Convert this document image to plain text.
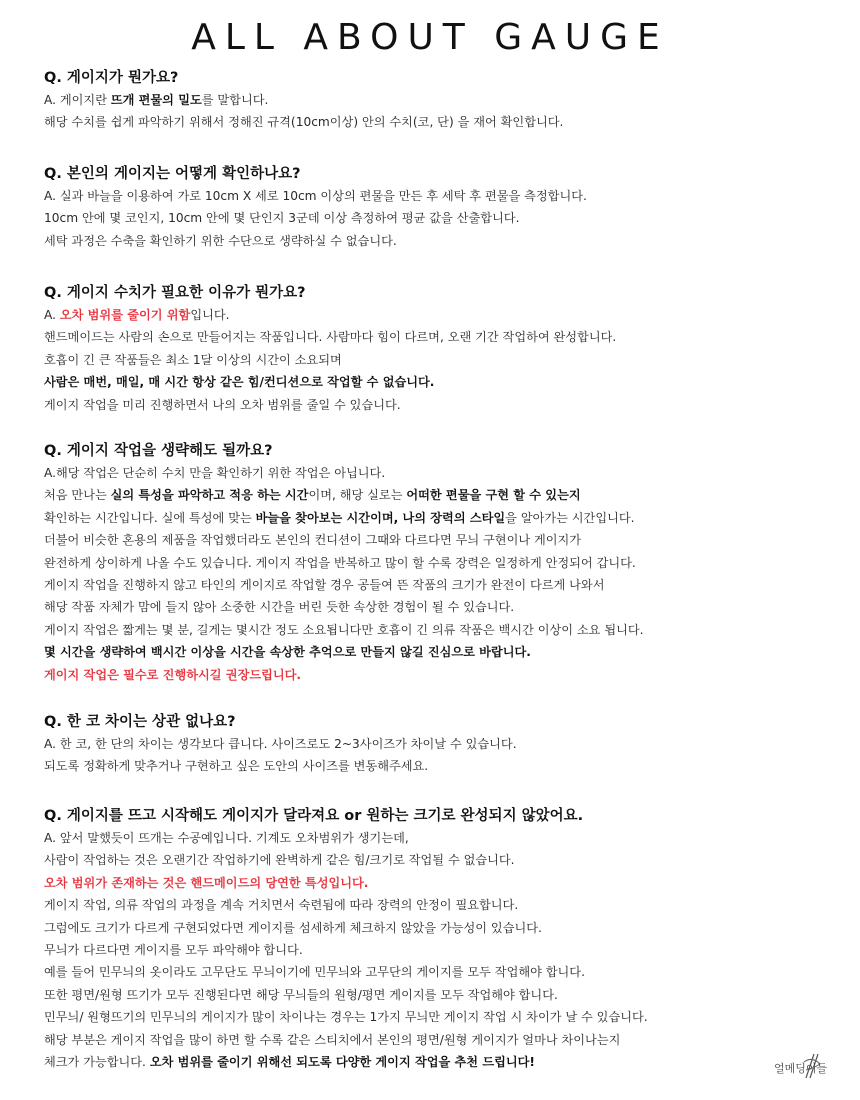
ALL ABOUT GAUGE

Q. 게이지가 뭔가요?

A. 게이지란 뜨개 편물의 밀도를 말합니다.

해당 수치를 쉽게 파악하기 위해서 정해진 규격(10cm이상) 안의 수치(코, 단) 을 재어 확인합니다.

Q. 본인의 게이지는 어떻게 확인하나요?

A. 실과 바늘을 이용하여 가로 10cm X 세로 10cm 이상의 편물을 만든 후 세탁 후 편물을 측정합니다.

10cm 안에 몇 코인지, 10cm 안에 몇 단인지 3군데 이상 측정하여 평균 값을 산출합니다.

세탁 과정은 수축을 확인하기 위한 수단으로 생략하실 수 없습니다.

Q. 게이지 수치가 필요한 이유가 뭔가요?

A. 오차 범위를 줄이기 위함입니다.

핸드메이드는 사람의 손으로 만들어지는 작품입니다. 사람마다 힘이 다르며, 오랜 기간 작업하여 완성합니다.

호흡이 긴 큰 작품들은 최소 1달 이상의 시간이 소요되며

사람은 매번, 매일, 매 시간 항상 같은 힘/컨디션으로 작업할 수 없습니다.

게이지 작업을 미리 진행하면서 나의 오차 범위를 줄일 수 있습니다.

Q. 게이지 작업을 생략해도 될까요?

A.해당 작업은 단순히 수치 만을 확인하기 위한 작업은 아닙니다.

처음 만나는 실의 특성을 파악하고 적응 하는 시간이며, 해당 실로는 어떠한 편물을 구현 할 수 있는지

확인하는 시간입니다. 실에 특성에 맞는 바늘을 찾아보는 시간이며, 나의 장력의 스타일을 알아가는 시간입니다.

더불어 비슷한 혼용의 제품을 작업했더라도 본인의 컨디션이 그때와 다르다면 무늬 구현이나 게이지가

완전하게 상이하게 나올 수도 있습니다. 게이지 작업을 반복하고 많이 할 수록 장력은 일정하게 안정되어 갑니다.

게이지 작업을 진행하지 않고 타인의 게이지로 작업할 경우 공들여 뜬 작품의 크기가 완전이 다르게 나와서

해당 작품 자체가 맘에 들지 않아 소중한 시간을 버린 듯한 속상한 경험이 될 수 있습니다.

게이지 작업은 짧게는 몇 분, 길게는 몇시간 정도 소요됩니다만 호흡이 긴 의류 작품은 백시간 이상이 소요 됩니다.

몇 시간을 생략하여 백시간 이상을 시간을 속상한 추억으로 만들지 않길 진심으로 바랍니다.

게이지 작업은 필수로 진행하시길 권장드립니다.

Q. 한 코 차이는 상관 없나요?

A. 한 코, 한 단의 차이는 생각보다 큽니다. 사이즈로도 2~3사이즈가 차이날 수 있습니다.

되도록 정확하게 맞추거나 구현하고 싶은 도안의 사이즈를 변동해주세요.

Q. 게이지를 뜨고 시작해도 게이지가 달라져요 or 원하는 크기로 완성되지 않았어요.

A. 앞서 말했듯이 뜨개는 수공예입니다. 기계도 오차범위가 생기는데,

사람이 작업하는 것은 오랜기간 작업하기에 완벽하게 같은 힘/크기로 작업될 수 없습니다.

오차 범위가 존재하는 것은 핸드메이드의 당연한 특성입니다.

게이지 작업, 의류 작업의 과정을 계속 거치면서 숙련됨에 따라 장력의 안정이 필요합니다.

그럼에도 크기가 다르게 구현되었다면 게이지를 섬세하게 체크하지 않았을 가능성이 있습니다.

무늬가 다르다면 게이지를 모두 파악해야 합니다.

예를 들어 민무늬의 옷이라도 고무단도 무늬이기에 민무늬와 고무단의 게이지를 모두 작업해야 합니다.

또한 평면/원형 뜨기가 모두 진행된다면 해당 무늬들의 원형/평면 게이지를 모두 작업해야 합니다.

민무늬/ 원형뜨기의 민무늬의 게이지가 많이 차이나는 경우는 1가지 무늬만 게이지 작업 시 차이가 날 수 있습니다.

해당 부분은 게이지 작업을 많이 하면 할 수록 같은 스티치에서 본인의 평면/원형 게이지가 얼마나 차이나는지

체크가 가능합니다. 오차 범위를 줄이기 위해선 되도록 다양한 게이지 작업을 추천 드립니다!	얼메딩이들
